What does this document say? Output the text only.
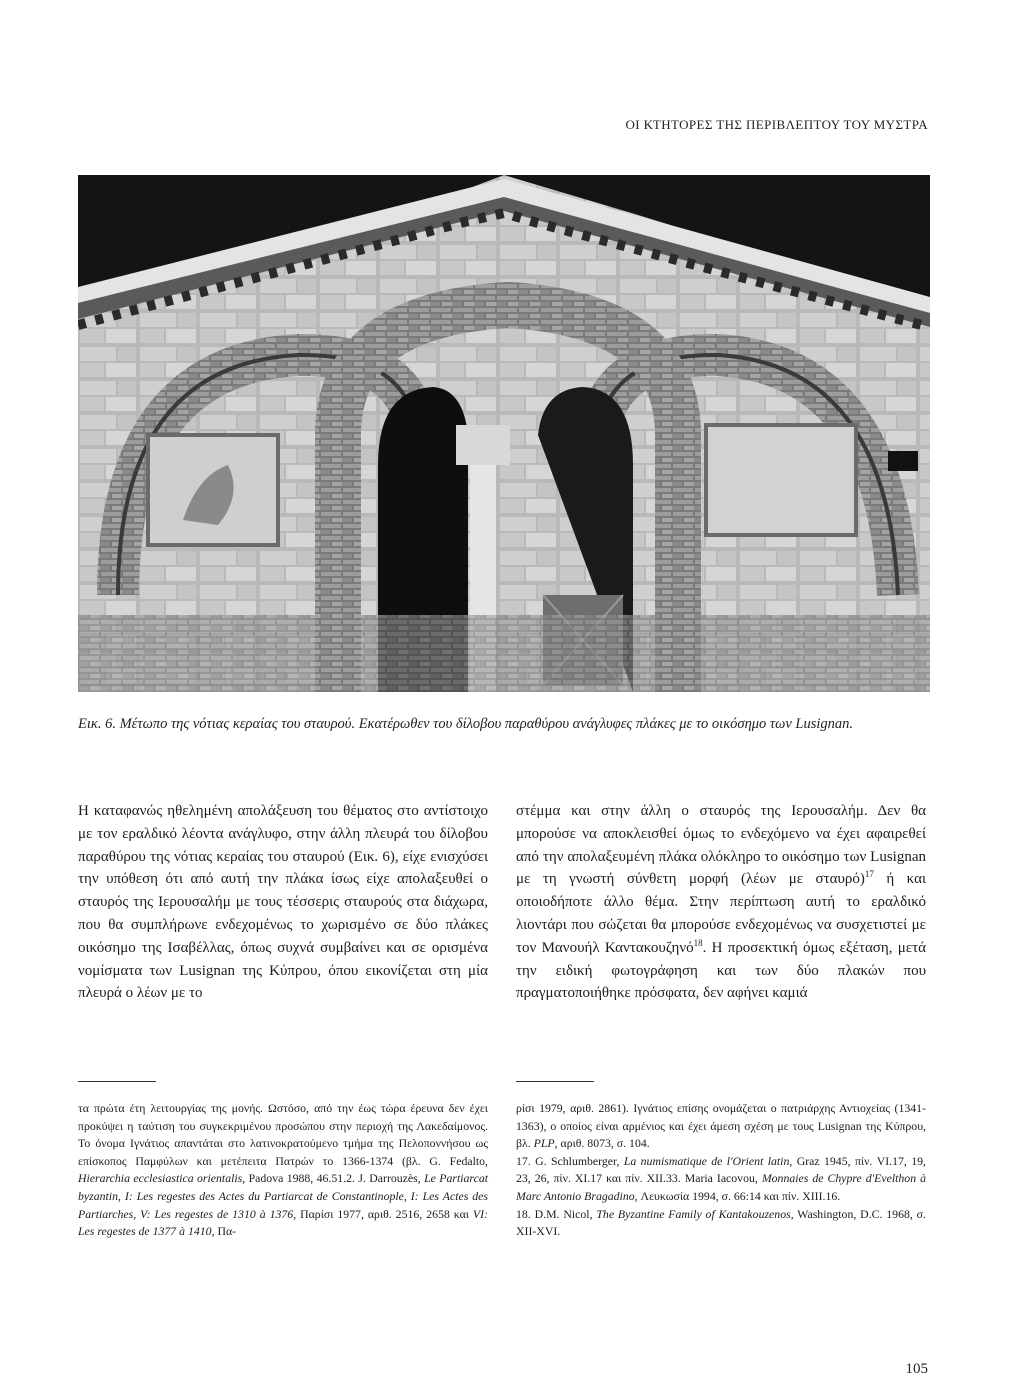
ΟΙ ΚΤΗΤΟΡΕΣ ΤΗΣ ΠΕΡΙΒΛΕΠΤΟΥ ΤΟΥ ΜΥΣΤΡΑ
Εικ. 6. Μέτωπο της νότιας κεραίας του σταυρού. Εκατέρωθεν του δίλοβου παραθύρου ανάγλυφες πλάκες με το οικόσημο των Lusignan.
Η καταφανώς ηθελημένη απολάξευση του θέματος στο αντίστοιχο με τον εραλδικό λέοντα ανάγλυφο, στην άλλη πλευρά του δίλοβου παραθύρου της νότιας κεραίας του σταυρού (Εικ. 6), είχε ενισχύσει την υπόθεση ότι από αυτή την πλάκα ίσως είχε απολαξευθεί ο σταυρός της Ιερουσαλήμ με τους τέσσερις σταυρούς στα διάχωρα, που θα συμπλήρωνε ενδεχομένως το χωρισμένο σε δύο πλάκες οικόσημο της Ισαβέλλας, όπως συχνά συμβαίνει και σε ορισμένα νομίσματα των Lusignan της Κύπρου, όπου εικονίζεται στη μία πλευρά ο λέων με το
στέμμα και στην άλλη ο σταυρός της Ιερουσαλήμ. Δεν θα μπορούσε να αποκλεισθεί όμως το ενδεχόμενο να έχει αφαιρεθεί από την απολαξευμένη πλάκα ολόκληρο το οικόσημο των Lusignan με τη γνωστή σύνθετη μορφή (λέων με σταυρό)$^{17}$ ή και οποιοδήποτε άλλο θέμα. Στην περίπτωση αυτή το εραλδικό λιοντάρι που σώζεται θα μπορούσε ενδεχομένως να συσχετιστεί με τον Μανουήλ Καντακουζηνό$^{18}$. Η προσεκτική όμως εξέταση, μετά την ειδική φωτογράφηση και των δύο πλακών που πραγματοποιήθηκε πρόσφατα, δεν αφήνει καμιά

τα πρώτα έτη λειτουργίας της μονής. Ωστόσο, από την έως τώρα έρευνα δεν έχει προκύψει η ταύτιση του συγκεκριμένου προσώπου στην περιοχή της Λακεδαίμονος. Το όνομα Ιγνάτιος απαντάται στο λατινοκρατούμενο τμήμα της Πελοποννήσου ως επίσκοπος Παμφύλων και μετέπειτα Πατρών το 1366-1374 (βλ. G. Fedalto, Hierarchia ecclesiastica orientalis, Padova 1988, 46.51.2. J. Darrouzès, Le Partiarcat byzantin, I: Les regestes des Actes du Partiarcat de Constantinople, I: Les Actes des Partiarches, V: Les regestes de 1310 à 1376, Παρίσι 1977, αριθ. 2516, 2658 και VI: Les regestes de 1377 à 1410, Πα-

ρίσι 1979, αριθ. 2861). Ιγνάτιος επίσης ονομάζεται ο πατριάρχης Αντιοχείας (1341-1363), ο οποίος είναι αρμένιος και έχει άμεση σχέση με τους Lusignan της Κύπρου, βλ. PLP, αριθ. 8073, σ. 104.

17. G. Schlumberger, La numismatique de l'Orient latin, Graz 1945, πίν. VI.17, 19, 23, 26, πίν. XI.17 και πίν. XII.33. Maria Iacovou, Monnaies de Chypre d'Evelthon à Marc Antonio Bragadino, Λευκωσία 1994, σ. 66:14 και πίν. XIII.16.

18. D.M. Nicol, The Byzantine Family of Kantakouzenos, Washington, D.C. 1968, σ. XII-XVI.

105
